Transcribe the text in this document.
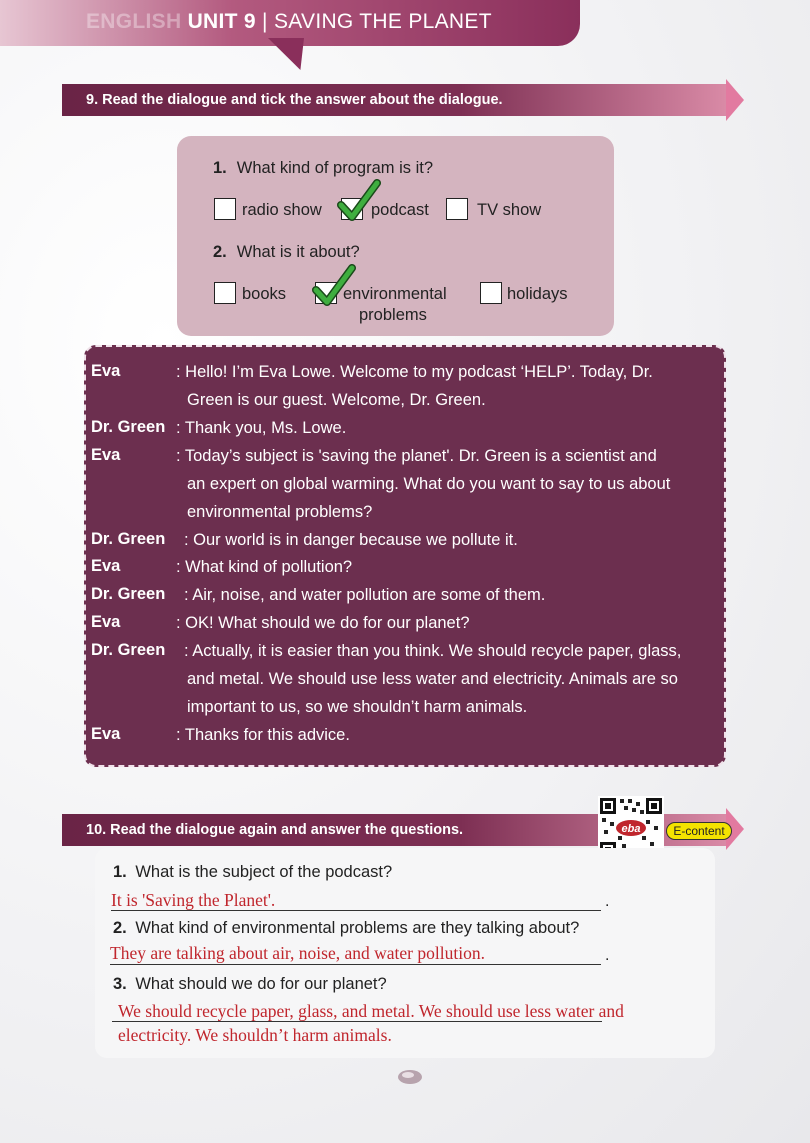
ENGLISH UNIT 9 | SAVING THE PLANET
9. Read the dialogue and tick the answer about the dialogue.
1. What kind of program is it?
radio show	podcast	TV show
2. What is it about?
books	environmental
problems
holidays
Eva	: Hello! I’m Eva Lowe. Welcome to my podcast ‘HELP’. Today, Dr.
Green is our guest. Welcome, Dr. Green.
Dr. Green : Thank you, Ms. Lowe.
Eva	: Today’s subject is 'saving the planet'. Dr. Green is a scientist and
an expert on global warming. What do you want to say to us about
environmental problems?
Dr. Green : Our world is in danger because we pollute it.
Eva	: What kind of pollution?
Dr. Green : Air, noise, and water pollution are some of them.
Eva	: OK! What should we do for our planet?
Dr. Green : Actually, it is easier than you think. We should recycle paper, glass,
and metal. We should use less water and electricity. Animals are so
important to us, so we shouldn’t harm animals.
Eva	: Thanks for this advice.
10. Read the dialogue again and answer the questions.	eba	E-content
1. What is the subject of the podcast?
It is 'Saving the Planet'.	.
2. What kind of environmental problems are they talking about?
They are talking about air, noise, and water pollution.	.
3. What should we do for our planet?
We should recycle paper, glass, and metal. We should use less water and
electricity. We shouldn’t harm animals.
